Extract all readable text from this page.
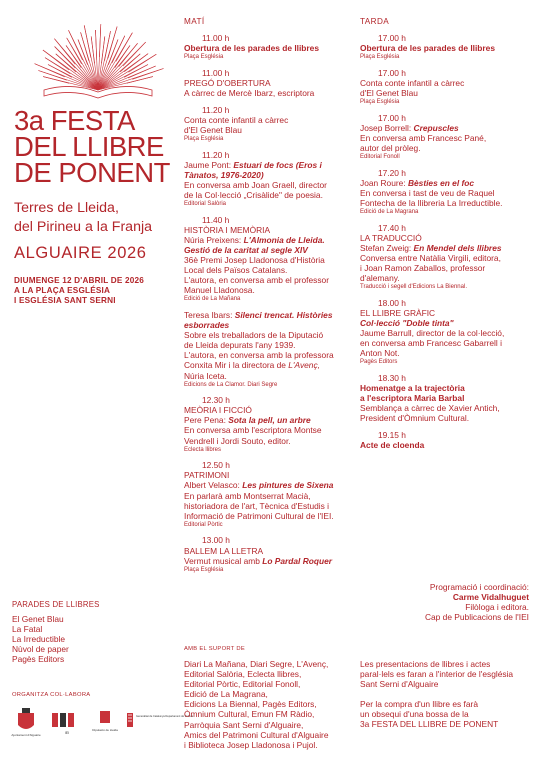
3a FESTA
DEL LLIBRE
DE PONENT
Terres de Lleida,
del Pirineu a la Franja
ALGUAIRE 2026
DIUMENGE 12 D'ABRIL DE 2026
A LA PLAÇA ESGLÉSIA
I ESGLÉSIA SANT SERNI
MATÍ
11.00 h
Obertura de les parades de llibres
Plaça Església
11.00 h
PREGÓ D'OBERTURA
A càrrec de Mercè Ibarz, escriptora
11.20 h
Conta conte infantil a càrrec
d'El Genet Blau
Plaça Església
11.20 h
Jaume Pont: Estuari de focs (Eros i
Tànatos, 1976-2020)
En conversa amb Joan Graell, director
de la Col·lecció „Crisàlide" de poesia.
Editorial Salòria
11.40 h
HISTÒRIA I MEMÒRIA
Núria Preixens: L'Almonia de Lleida.
Gestió de la caritat al segle XIV
36è Premi Josep Lladonosa d'Història
Local dels Països Catalans.
L'autora, en conversa amb el professor
Manuel Lladonosa.
Edició de La Mañana
Teresa Ibars: Silenci trencat. Històries
esborrades
Sobre els treballadors de la Diputació
de Lleida depurats l'any 1939.
L'autora, en conversa amb la professora
Conxita Mir i la directora de L'Avenç,
Núria Iceta.
Edicions de La Clamor. Diari Segre
12.30 h
MEÒRIA I FICCIÓ
Pere Pena: Sota la pell, un arbre
En conversa amb l'escriptora Montse
Vendrell i Jordi Souto, editor.
Eclecta llibres
12.50 h
PATRIMONI
Albert Velasco: Les pintures de Sixena
En parlarà amb Montserrat Macià,
historiadora de l'art, Tècnica d'Estudis i
Informació de Patrimoni Cultural de l'IEI.
Editorial Pòrtic
13.00 h
BALLEM LA LLETRA
Vermut musical amb Lo Pardal Roquer
Plaça Església
TARDA
17.00 h
Obertura de les parades de llibres
Plaça Església
17.00 h
Conta conte infantil a càrrec
d'El Genet Blau
Plaça Església
17.00 h
Josep Borrell: Crepuscles
En conversa amb Francesc Pané,
autor del pròleg.
Editorial Fonoll
17.20 h
Joan Roure: Bèsties en el foc
En conversa i tast de veu de Raquel
Fontecha de la llibreria La Irreductible.
Edició de La Magrana
17.40 h
LA TRADUCCIÓ
Stefan Zweig: En Mendel dels llibres
Conversa entre Natàlia Virgili, editora,
i Joan Ramon Zaballos, professor
d'alemany.
Traducció i segell d'Edicions La Biennal.
18.00 h
EL LLIBRE GRÀFIC
Col·lecció "Doble tinta"
Jaume Barrull, director de la col·lecció,
en conversa amb Francesc Gabarrell i
Anton Not.
Pagès Editors
18.30 h
Homenatge a la trajectòria
a l'escriptora Maria Barbal
Semblança a càrrec de Xavier Antich,
President d'Òmnium Cultural.
19.15 h
Acte de cloenda
PARADES DE LLIBRES
El Genet Blau
La Fatal
La Irreductible
Nùvol de paper
Pagès Editors
ORGANITZA COL·LABORA
Ajuntament d'Alguaire	IEI
Diputació de Lleida
Generalitat de Catalunya Departament de Cultura
AMB EL SUPORT DE
Diari La Mañana, Diari Segre, L'Avenç,
Editorial Salòria, Eclecta llibres,
Editorial Pòrtic, Editorial Fonoll,
Edició de La Magrana,
Edicions La Biennal, Pagès Editors,
Òmnium Cultural, Emun FM Ràdio,
Parròquia Sant Serni d'Alguaire,
Amics del Patrimoni Cultural d'Alguaire
i Biblioteca Josep Lladonosa i Pujol.
Programació i coordinació:
Carme Vidalhuguet
Filòloga i editora.
Cap de Publicacions de l'IEI
Les presentacions de llibres i actes
paral·lels es faran a l'interior de l'església
Sant Serni d'Alguaire
Per la compra d'un llibre es farà
un obsequi d'una bossa de la
3a FESTA DEL LLIBRE DE PONENT
